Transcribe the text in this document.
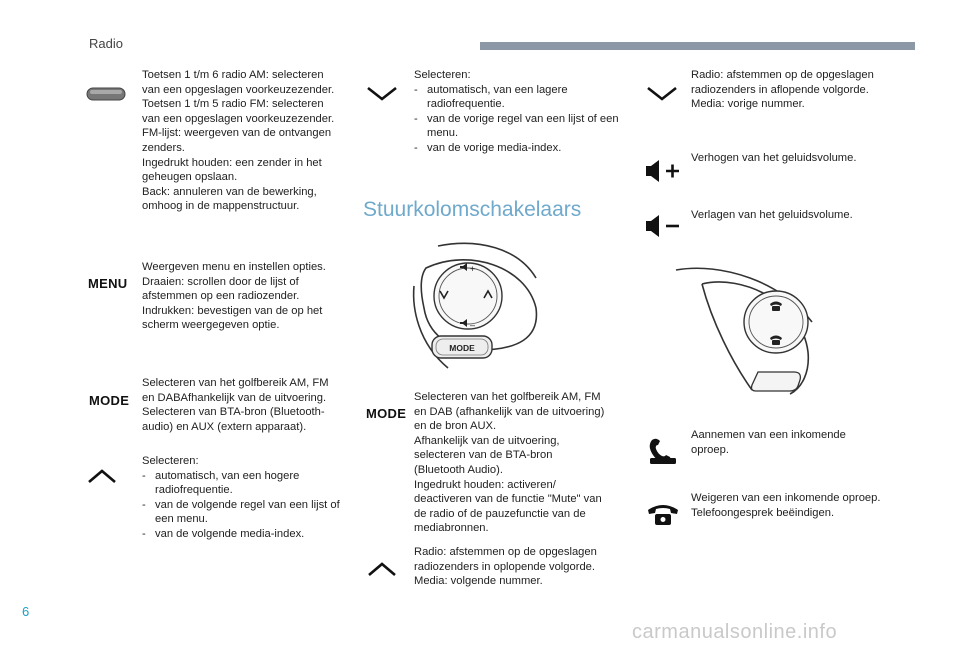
Radio
Toetsen 1 t/m 6 radio AM: selecteren
van een opgeslagen voorkeuzezender.
Toetsen 1 t/m 5 radio FM: selecteren
van een opgeslagen voorkeuzezender.
FM-lijst: weergeven van de ontvangen
zenders.
Ingedrukt houden: een zender in het
geheugen opslaan.
Back: annuleren van de bewerking,
omhoog in de mappenstructuur.
MENU
Weergeven menu en instellen opties.
Draaien: scrollen door de lijst of
afstemmen op een radiozender.
Indrukken: bevestigen van de op het
scherm weergegeven optie.
MODE
Selecteren van het golfbereik AM, FM
en DABAfhankelijk van de uitvoering.
Selecteren van BTA-bron (Bluetooth-
audio) en AUX (extern apparaat).
Selecteren:
- automatisch, van een hogere radiofrequentie.
- van de volgende regel van een lijst of een menu.
- van de volgende media-index.
Selecteren:
- automatisch, van een lagere radiofrequentie.
- van de vorige regel van een lijst of een menu.
- van de vorige media-index.
Stuurkolomschakelaars
+
–
MODE
MODE
Selecteren van het golfbereik AM, FM
en DAB (afhankelijk van de uitvoering)
en de bron AUX.
Afhankelijk van de uitvoering,
selecteren van de BTA-bron
(Bluetooth Audio).
Ingedrukt houden: activeren/
deactiveren van de functie "Mute" van
de radio of de pauzefunctie van de
mediabronnen.
Radio: afstemmen op de opgeslagen
radiozenders in oplopende volgorde.
Media: volgende nummer.
Radio: afstemmen op de opgeslagen
radiozenders in aflopende volgorde.
Media: vorige nummer.
Verhogen van het geluidsvolume.
Verlagen van het geluidsvolume.
Aannemen van een inkomende
oproep.
Weigeren van een inkomende oproep.
Telefoongesprek beëindigen.
6
carmanualsonline.info
